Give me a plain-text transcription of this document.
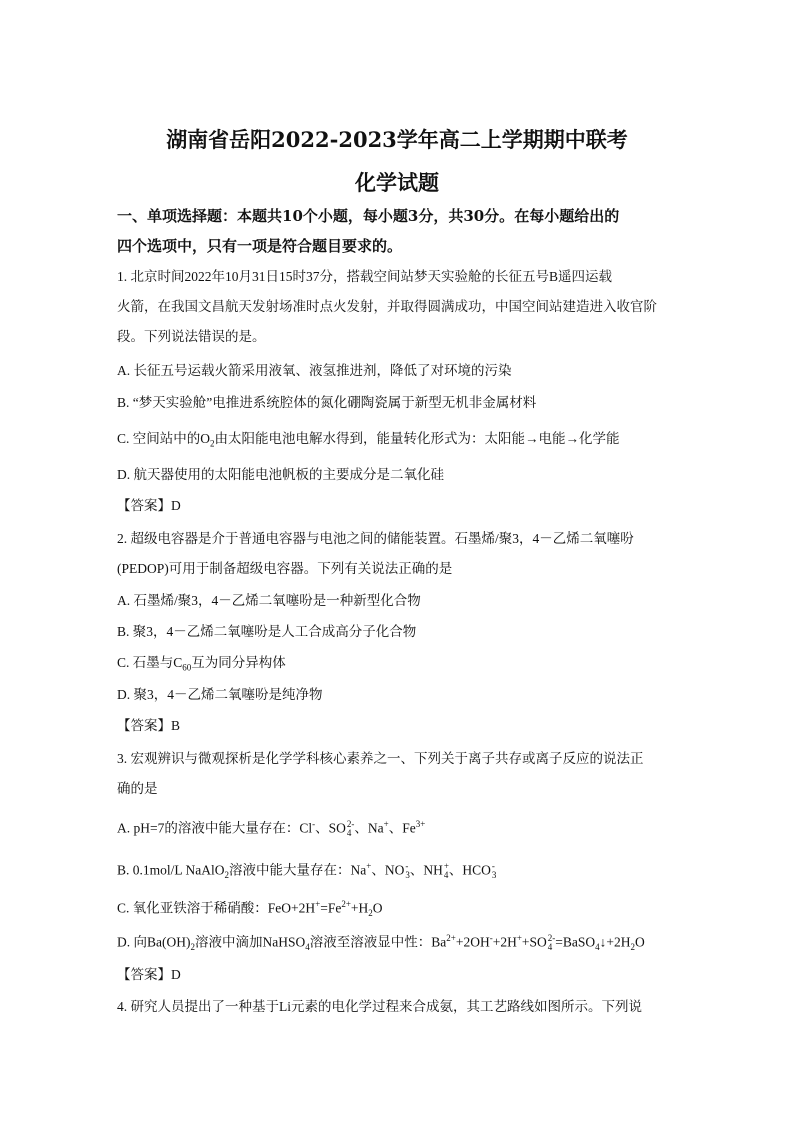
湖南省岳阳2022-2023学年高二上学期期中联考
化学试题
一、单项选择题：本题共10个小题，每小题3分，共30分。在每小题给出的
四个选项中，只有一项是符合题目要求的。
1. 北京时间2022年10月31日15时37分，搭载空间站梦天实验舱的长征五号B遥四运载
火箭，在我国文昌航天发射场准时点火发射，并取得圆满成功，中国空间站建造进入收官阶
段。下列说法错误的是。
A. 长征五号运载火箭采用液氧、液氢推进剂，降低了对环境的污染
B. “梦天实验舱”电推进系统腔体的氮化硼陶瓷属于新型无机非金属材料
C. 空间站中的$O_2$由太阳能电池电解水得到，能量转化形式为：太阳能→电能→化学能
D. 航天器使用的太阳能电池帆板的主要成分是二氧化硅
【答案】D
2. 超级电容器是介于普通电容器与电池之间的储能装置。石墨烯/聚3，4－乙烯二氧噻吩
(PEDOP)可用于制备超级电容器。下列有关说法正确的是
A. 石墨烯/聚3，4－乙烯二氧噻吩是一种新型化合物
B. 聚3，4－乙烯二氧噻吩是人工合成高分子化合物
C. 石墨与$C_{60}$互为同分异构体
D. 聚3，4－乙烯二氧噻吩是纯净物
【答案】B
3. 宏观辨识与微观探析是化学学科核心素养之一、下列关于离子共存或离子反应的说法正
确的是
A. pH=7的溶液中能大量存在：Cl-、SO 2-
4 、Na+、$Fe^{3+}$
B. 0.1mol/L NaAlO$_2$溶液中能大量存在：Na+、NO -
3 、NH +
4 、HCO -
3
C. 氧化亚铁溶于稀硝酸：$FeO+2H^+=Fe^{2+}+H_2O$
D. 向$Ba(OH)_2$溶液中滴加NaHSO$_4$溶液至溶液显中性：$Ba^{2+}+2OH^-+2H^++SO$ 2-
$4 =BaSO_4↓+2H_2O$
【答案】D
4. 研究人员提出了一种基于Li元素的电化学过程来合成氨，其工艺路线如图所示。下列说
